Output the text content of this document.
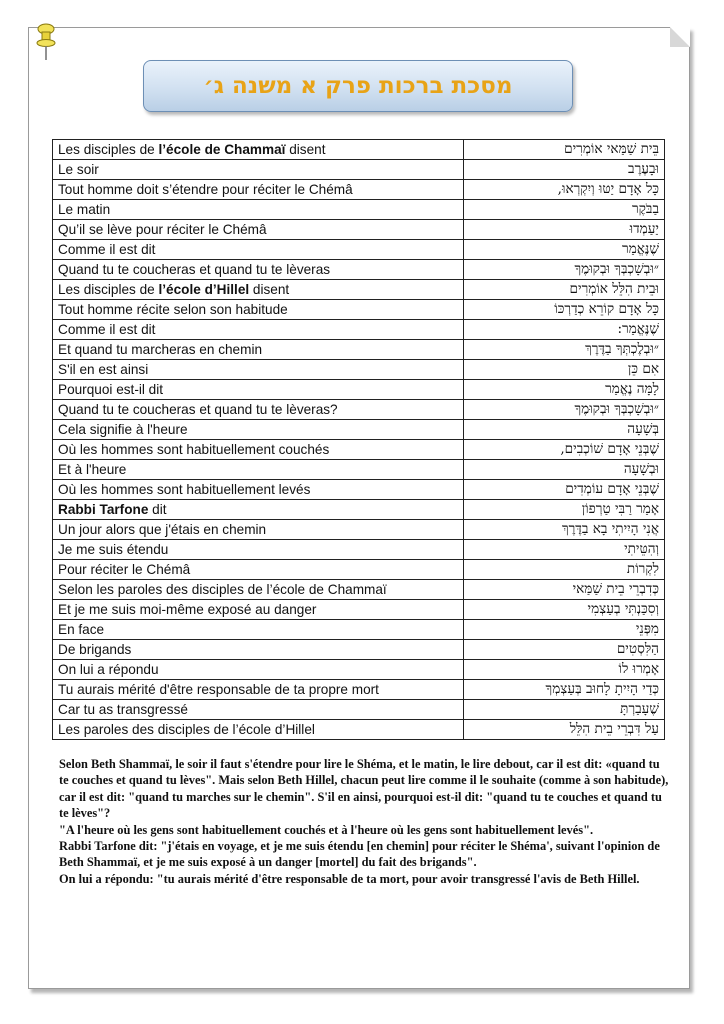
מסכת ברכות פרק א משנה ג׳
Les disciples de l’école de Chammaï disent	בֵּית שַׁמַּאי אוֹמְרִים
Le soir	וּבָעֶרֶב
Tout homme doit s’étendre pour réciter le Chémâ	כָּל אָדָם יַטּוּ וְיִקְרְאוּ,
Le matin	בַבֹּקֶר
Qu’il se lève pour réciter le Chémâ	יַעַמְדוּ
Comme il est dit	שֶׁנֶּאֱמַר
Quand tu te coucheras et quand tu te lèveras	״וּבְשָׁכְבְּךָ וּבְקוּמֶךָ
Les disciples de l’école d’Hillel disent	וּבֵית הִלֵּל אוֹמְרִים
Tout homme récite selon son habitude	כָּל אָדָם קוֹרֵא כְדַרְכּוֹ
Comme il est dit	שֶׁנֶּאֱמַר:
Et quand tu marcheras en chemin	״וּבְלֶכְתְּךָ בַדֶּרֶךְ
S'il en est ainsi	אִם כֵּן
Pourquoi est-il dit	לָמָּה נֶאֱמַר
Quand tu te coucheras et quand tu te lèveras?	״וּבְשָׁכְבְּךָ וּבְקוּמֶךָ
Cela signifie à l'heure	בְּשָׁעָה
Où les hommes sont habituellement couchés	שֶׁבְּנֵי אָדָם שׁוֹכְבִים,
Et à l'heure	וּבְשָׁעָה
Où les hommes sont habituellement levés	שֶׁבְּנֵי אָדָם עוֹמְדִים
Rabbi Tarfone dit	אָמַר רַבִּי טַרְפוֹן
Un jour alors que j'étais en chemin	אֲנִי הָיִיתִי בָא בַדֶּרֶךְ
Je me suis étendu	וְהִטֵּיתִי
Pour réciter le Chémâ	לִקְרוֹת
Selon les paroles des disciples de l’école de Chammaï	כְּדִבְרֵי בֵית שַׁמַּאי
Et je me suis moi-même exposé au danger	וְסִכַּנְתִּי בְעַצְמִי
En face	מִפְּנֵי
De brigands	הַלִּסְטִים
On lui a répondu	אָמְרוּ לוֹ
Tu aurais mérité d'être responsable de ta propre mort	כְּדַי הָיִיתָ לָחוּב בְּעַצְמְךָ
Car tu as transgressé	שֶׁעָבַרְתָּ
Les paroles des disciples de l’école d’Hillel	עַל דִּבְרֵי בֵית הִלֵּל

Selon Beth Shammaï, le soir il faut s'étendre pour lire le Shéma, et le matin, le lire debout, car il est dit: «quand tu te couches et quand tu lèves". Mais selon Beth Hillel, chacun peut lire comme il le souhaite (comme à son habitude), car il est dit: "quand tu marches sur le chemin". S'il en ainsi, pourquoi est-il dit: "quand tu te couches et quand tu te lèves"?

"A l'heure où les gens sont habituellement couchés et à l'heure où les gens sont habituellement levés".

Rabbi Tarfone dit: "j'étais en voyage, et je me suis étendu [en chemin] pour réciter le Shéma', suivant l'opinion de Beth Shammaï, et je me suis exposé à un danger [mortel] du fait des brigands".

On lui a répondu: "tu aurais mérité d'être responsable de ta mort, pour avoir transgressé l'avis de Beth Hillel.
